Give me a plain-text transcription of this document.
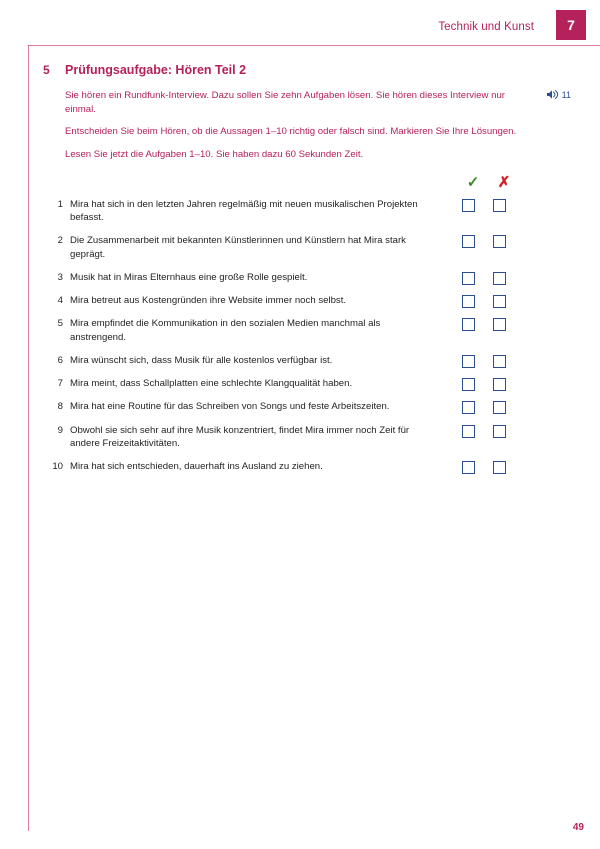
Technik und Kunst	7
5	Prüfungsaufgabe: Hören Teil 2
Sie hören ein Rundfunk-Interview. Dazu sollen Sie zehn Aufgaben lösen. Sie hören dieses Interview nur einmal.
Entscheiden Sie beim Hören, ob die Aussagen 1–10 richtig oder falsch sind. Markieren Sie Ihre Lösungen.
Lesen Sie jetzt die Aufgaben 1–10. Sie haben dazu 60 Sekunden Zeit.
11
✓	✗
1 Mira hat sich in den letzten Jahren regelmäßig mit neuen musikalischen Projekten befasst.
2 Die Zusammenarbeit mit bekannten Künstlerinnen und Künstlern hat Mira stark geprägt.
3 Musik hat in Miras Elternhaus eine große Rolle gespielt.
4 Mira betreut aus Kostengründen ihre Website immer noch selbst.
5 Mira empfindet die Kommunikation in den sozialen Medien manchmal als anstrengend.
6 Mira wünscht sich, dass Musik für alle kostenlos verfügbar ist.
7 Mira meint, dass Schallplatten eine schlechte Klangqualität haben.
8 Mira hat eine Routine für das Schreiben von Songs und feste Arbeitszeiten.
9 Obwohl sie sich sehr auf ihre Musik konzentriert, findet Mira immer noch Zeit für andere Freizeitaktivitäten.
10 Mira hat sich entschieden, dauerhaft ins Ausland zu ziehen.
49
